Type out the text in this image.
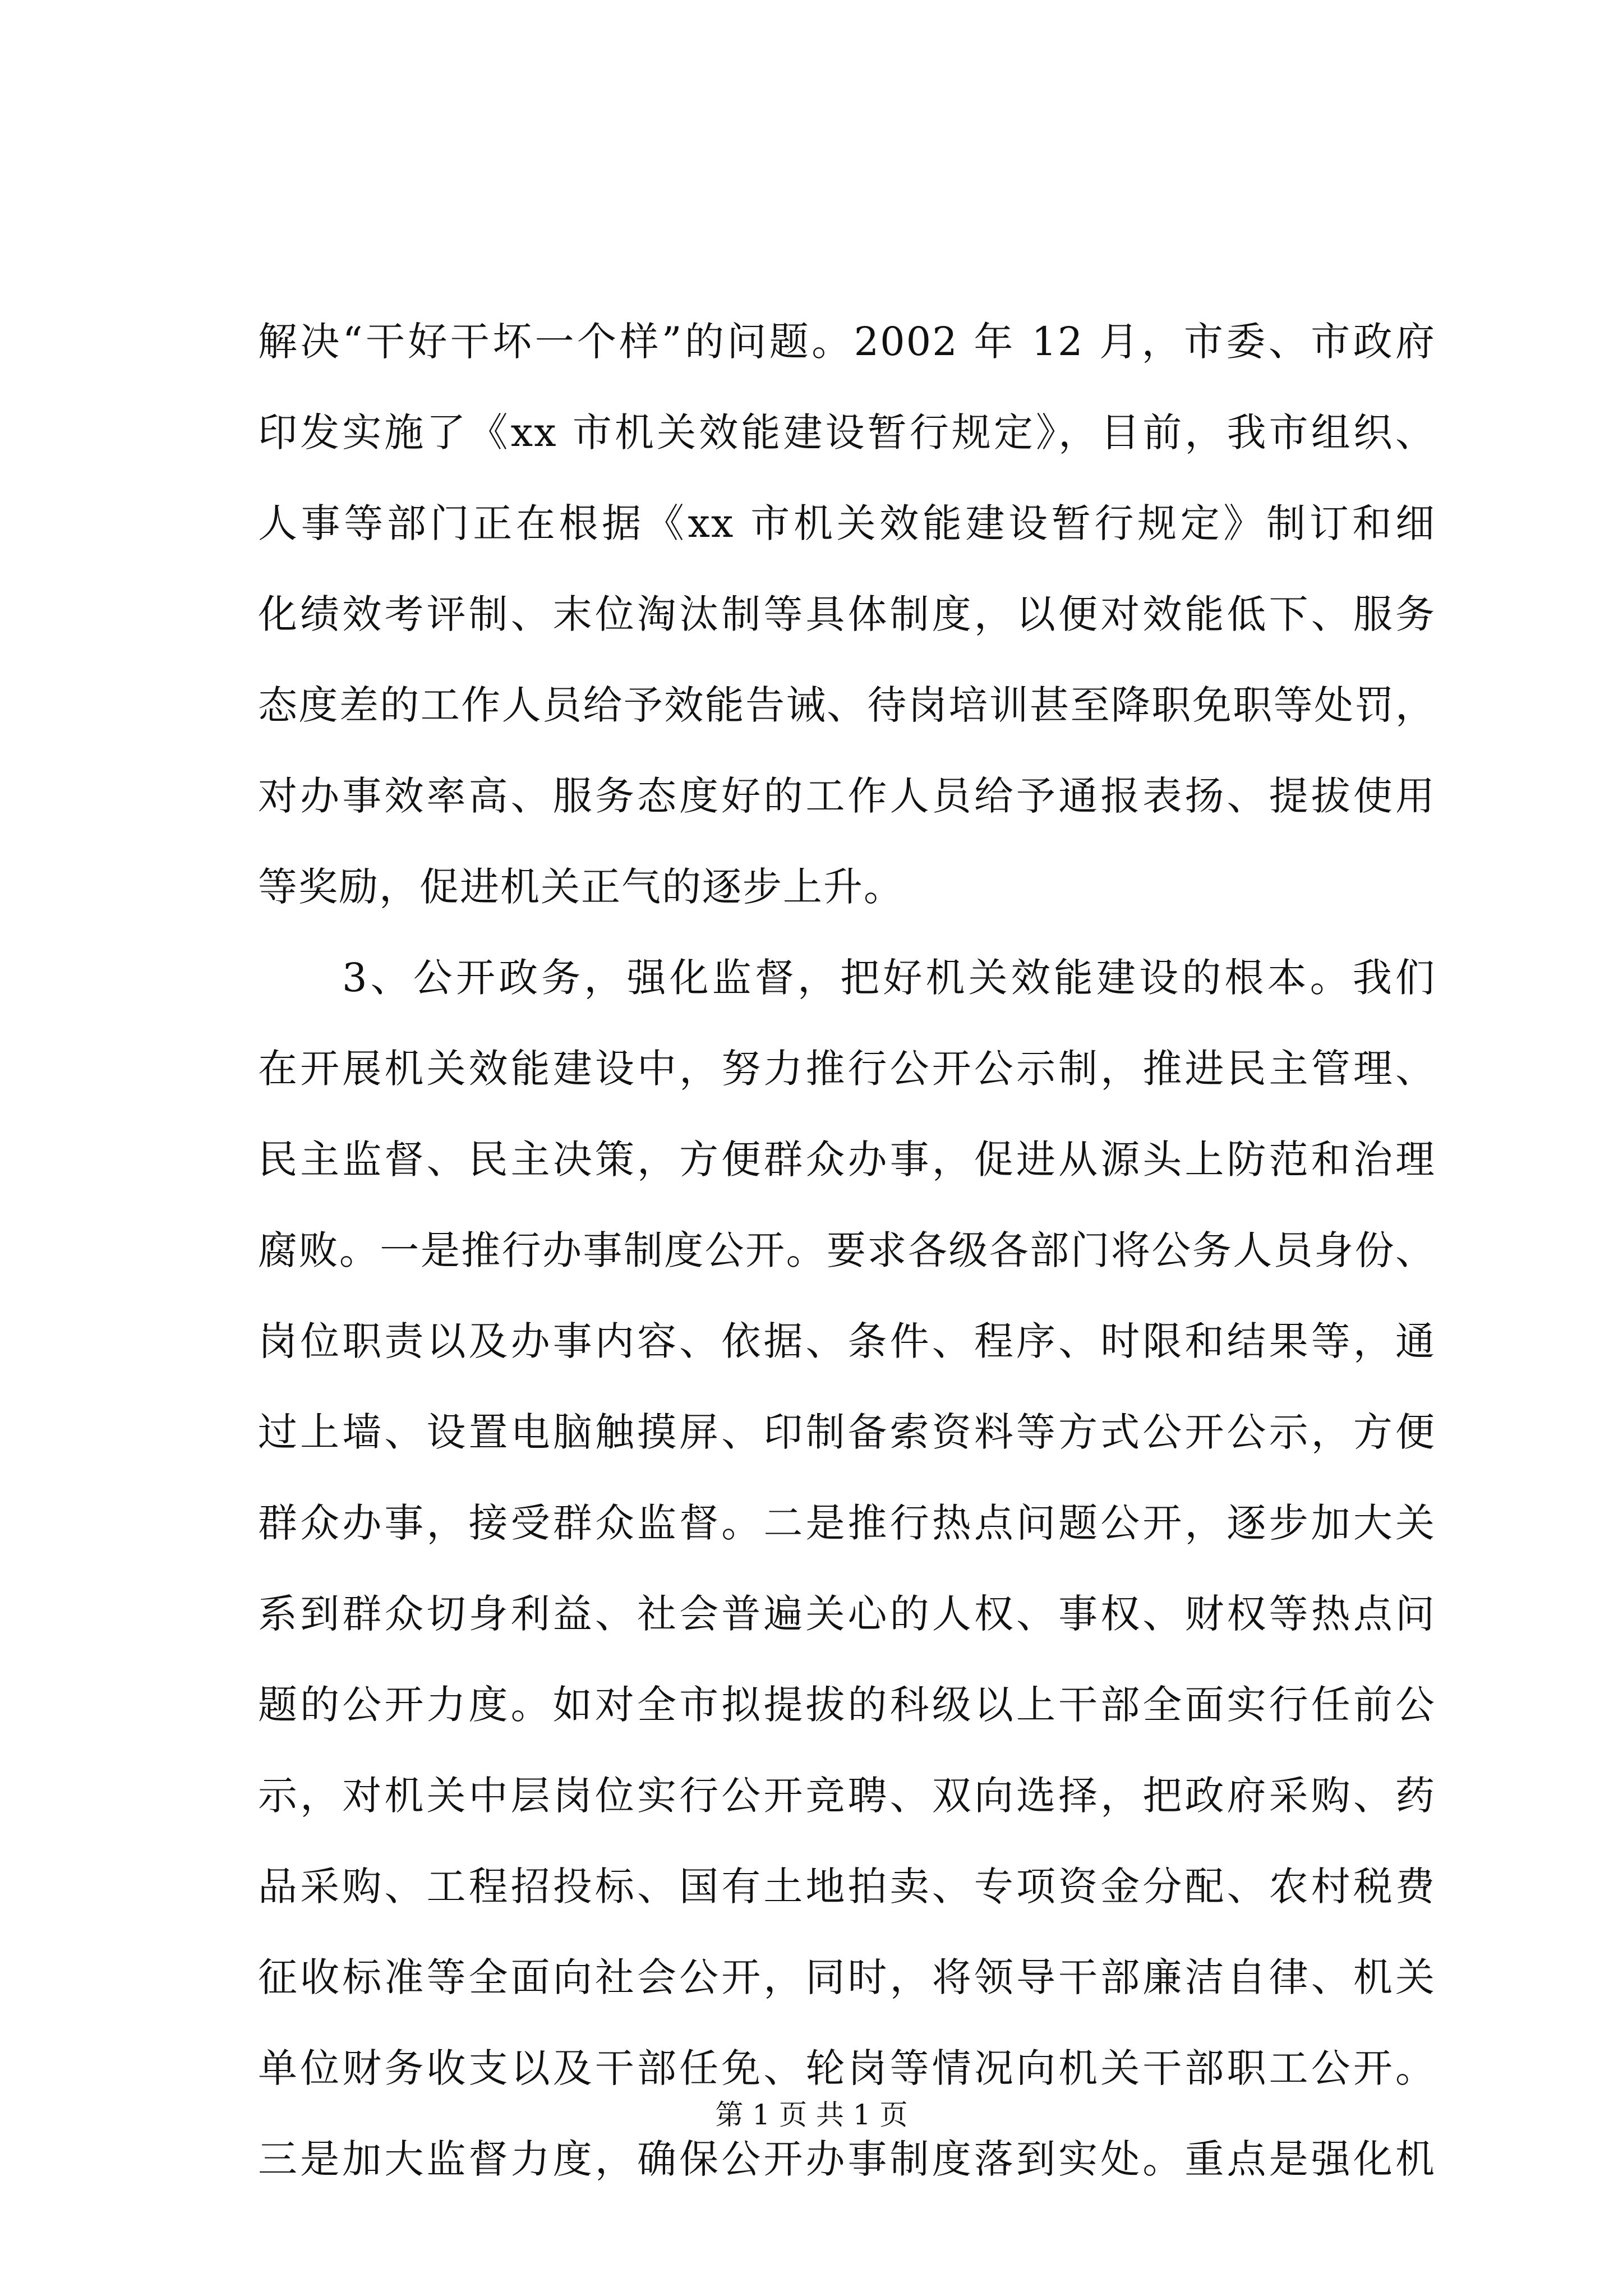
解决“干好干坏一个样”的问题。2002 年 12 月，市委、市政府
印发实施了《xx 市机关效能建设暂行规定》，目前，我市组织、
人事等部门正在根据《xx 市机关效能建设暂行规定》制订和细
化绩效考评制、末位淘汰制等具体制度，以便对效能低下、服务
态度差的工作人员给予效能告诫、待岗培训甚至降职免职等处罚，
对办事效率高、服务态度好的工作人员给予通报表扬、提拔使用
等奖励，促进机关正气的逐步上升。
3、公开政务，强化监督，把好机关效能建设的根本。我们
在开展机关效能建设中，努力推行公开公示制，推进民主管理、
民主监督、民主决策，方便群众办事，促进从源头上防范和治理
腐败。一是推行办事制度公开。要求各级各部门将公务人员身份、
岗位职责以及办事内容、依据、条件、程序、时限和结果等，通
过上墙、设置电脑触摸屏、印制备索资料等方式公开公示，方便
群众办事，接受群众监督。二是推行热点问题公开，逐步加大关
系到群众切身利益、社会普遍关心的人权、事权、财权等热点问
题的公开力度。如对全市拟提拔的科级以上干部全面实行任前公
示，对机关中层岗位实行公开竞聘、双向选择，把政府采购、药
品采购、工程招投标、国有土地拍卖、专项资金分配、农村税费
征收标准等全面向社会公开，同时，将领导干部廉洁自律、机关
单位财务收支以及干部任免、轮岗等情况向机关干部职工公开。
三是加大监督力度，确保公开办事制度落到实处。重点是强化机
第 1 页 共 1 页
